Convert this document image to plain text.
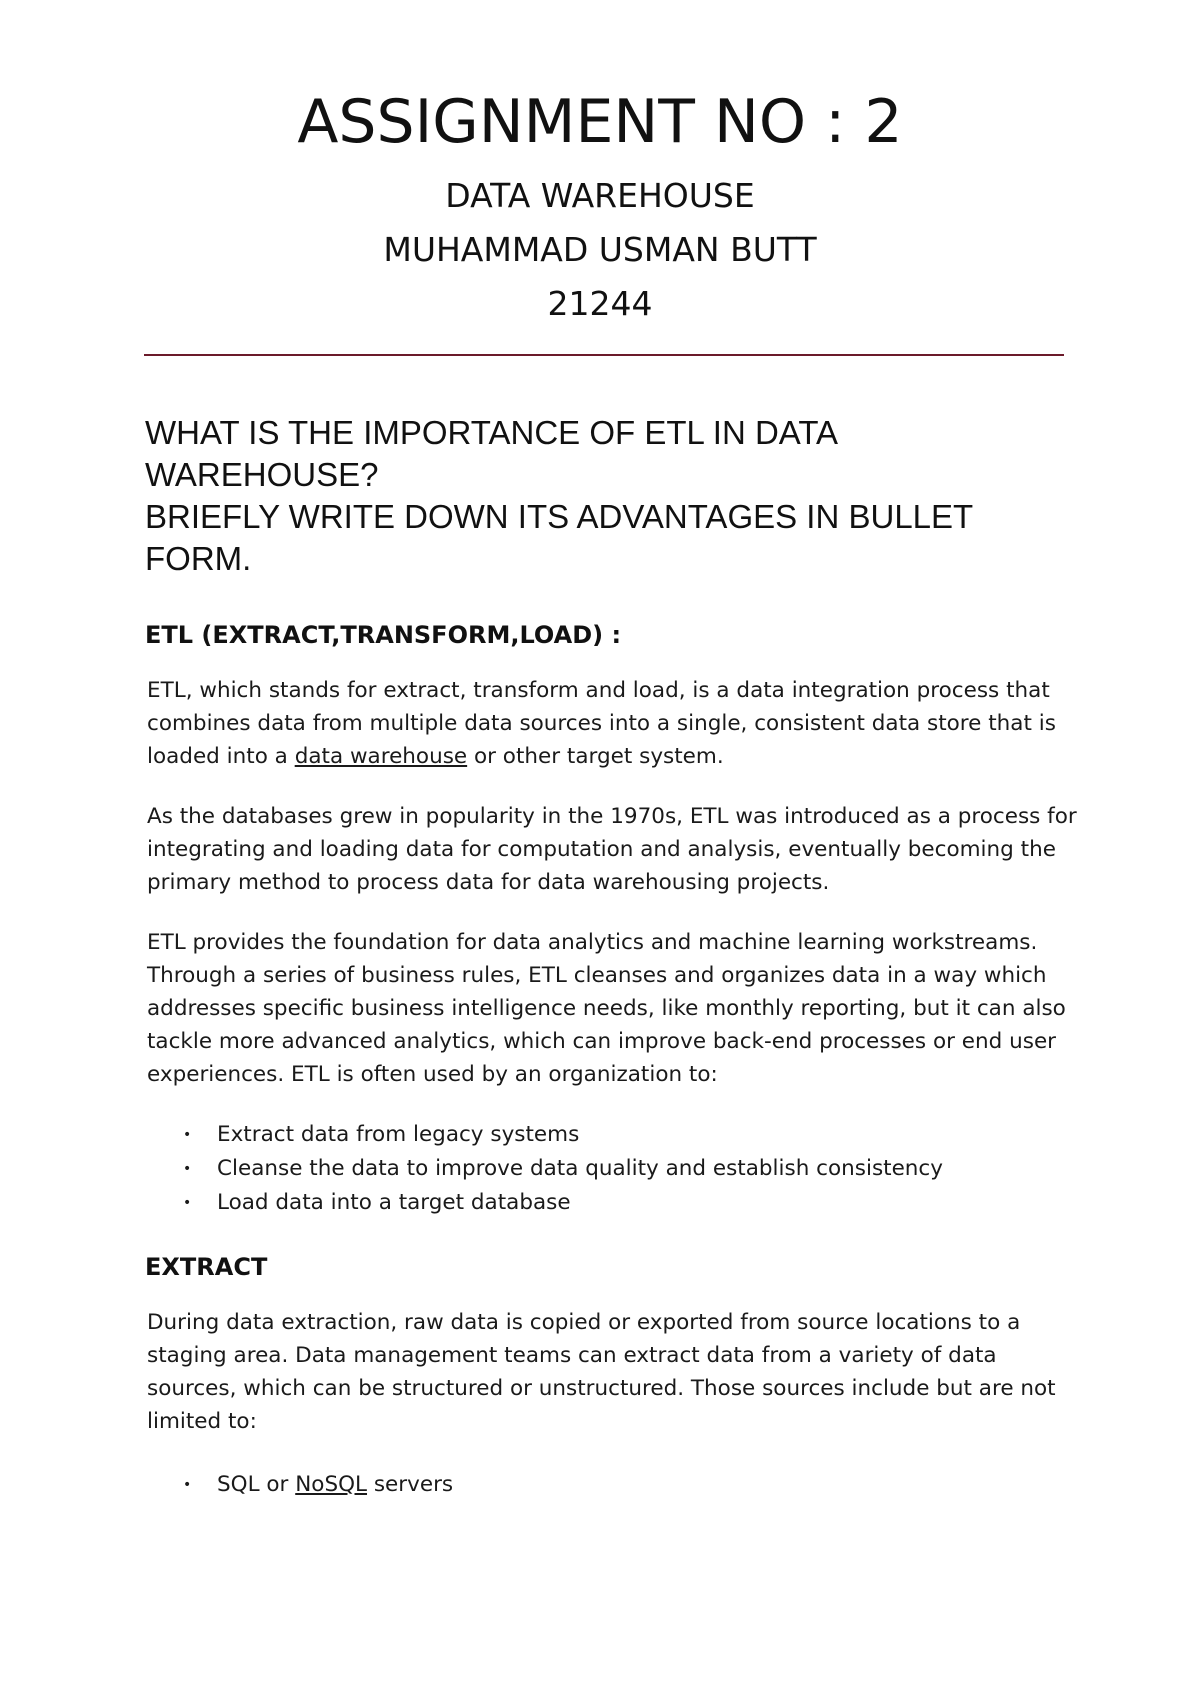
ASSIGNMENT NO : 2
DATA WAREHOUSE
MUHAMMAD USMAN BUTT
21244
WHAT IS THE IMPORTANCE OF ETL IN DATA
WAREHOUSE?
BRIEFLY WRITE DOWN ITS ADVANTAGES IN BULLET
FORM.
ETL (EXTRACT,TRANSFORM,LOAD) :

ETL, which stands for extract, transform and load, is a data integration process that combines data from multiple data sources into a single, consistent data store that is loaded into a data warehouse or other target system.

As the databases grew in popularity in the 1970s, ETL was introduced as a process for integrating and loading data for computation and analysis, eventually becoming the primary method to process data for data warehousing projects.

ETL provides the foundation for data analytics and machine learning workstreams. Through a series of business rules, ETL cleanses and organizes data in a way which addresses specific business intelligence needs, like monthly reporting, but it can also tackle more advanced analytics, which can improve back-end processes or end user experiences. ETL is often used by an organization to:

• Extract data from legacy systems
• Cleanse the data to improve data quality and establish consistency
• Load data into a target database
EXTRACT

During data extraction, raw data is copied or exported from source locations to a staging area. Data management teams can extract data from a variety of data sources, which can be structured or unstructured. Those sources include but are not limited to:

• SQL or NoSQL servers
